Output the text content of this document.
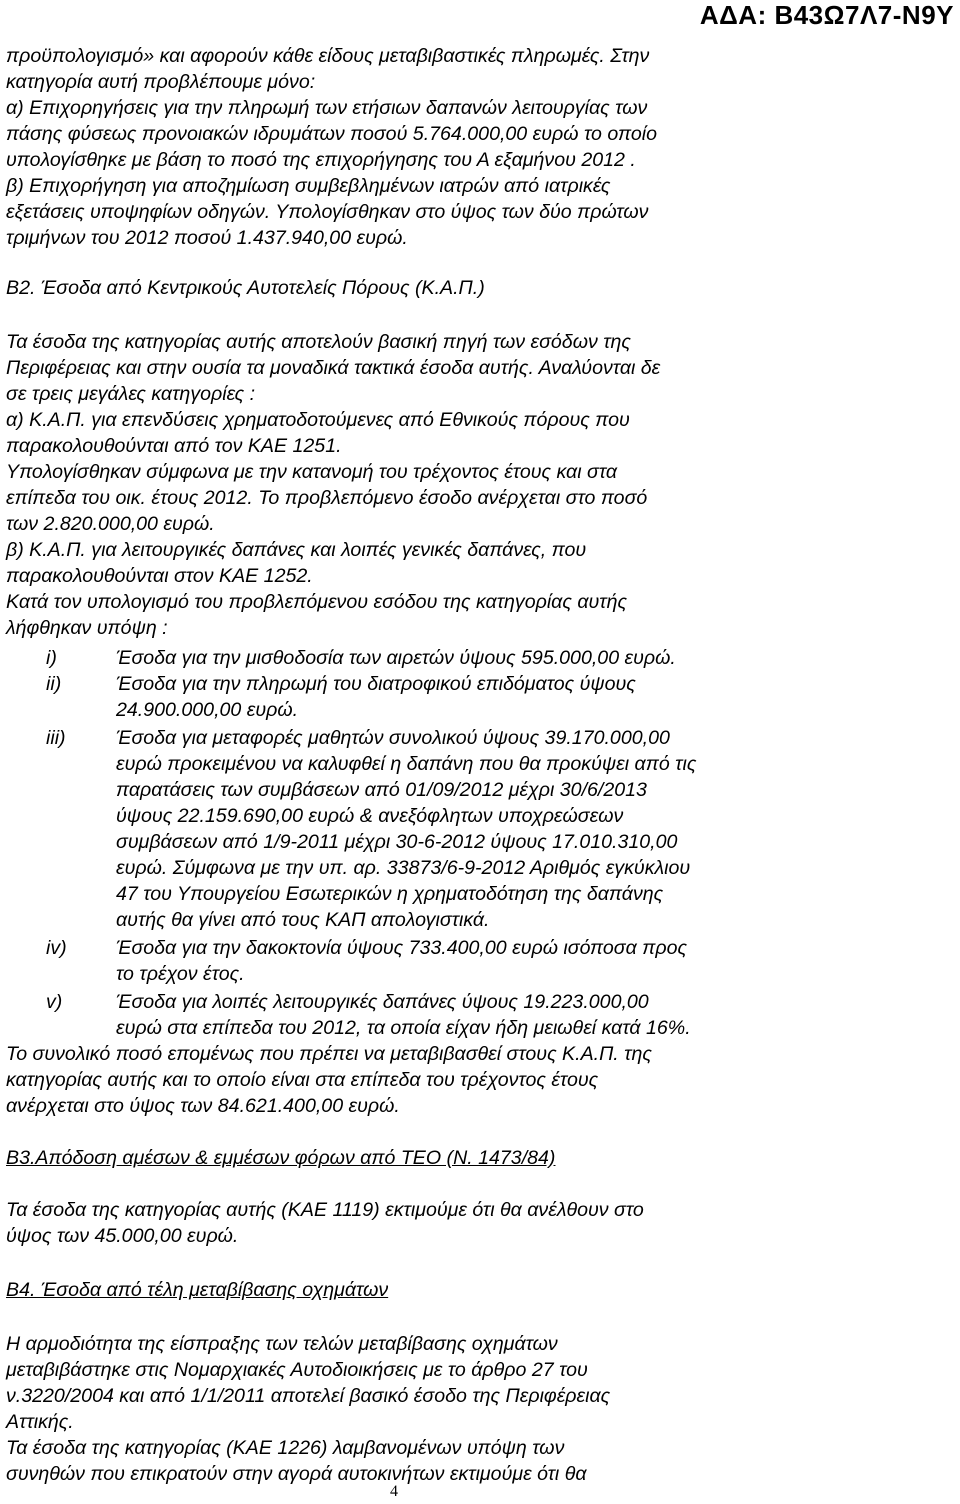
ΑΔΑ: Β43Ω7Λ7-Ν9Υ
προϋπολογισμό» και αφορούν κάθε είδους μεταβιβαστικές πληρωμές. Στην
κατηγορία αυτή προβλέπουμε μόνο:
α) Επιχορηγήσεις για την πληρωμή των ετήσιων δαπανών λειτουργίας των
πάσης φύσεως προνοιακών ιδρυμάτων ποσού 5.764.000,00 ευρώ το οποίο
υπολογίσθηκε με βάση το ποσό της επιχορήγησης του Α εξαμήνου 2012 .
β) Επιχορήγηση για αποζημίωση συμβεβλημένων ιατρών από ιατρικές
εξετάσεις υποψηφίων οδηγών. Υπολογίσθηκαν στο ύψος των δύο πρώτων
τριμήνων του 2012 ποσού 1.437.940,00 ευρώ.
Β2. Έσοδα από Κεντρικούς Αυτοτελείς Πόρους (Κ.Α.Π.)
Τα έσοδα της κατηγορίας αυτής αποτελούν βασική πηγή των εσόδων της
Περιφέρειας και στην ουσία τα μοναδικά τακτικά έσοδα αυτής. Αναλύονται δε
σε τρεις μεγάλες κατηγορίες :
α) Κ.Α.Π. για επενδύσεις χρηματοδοτούμενες από Εθνικούς πόρους που
παρακολουθούνται από τον ΚΑΕ 1251.
Υπολογίσθηκαν σύμφωνα με την κατανομή του τρέχοντος έτους και στα
επίπεδα του οικ. έτους 2012. Το προβλεπόμενο έσοδο ανέρχεται στο ποσό
των 2.820.000,00 ευρώ.
β) Κ.Α.Π. για λειτουργικές δαπάνες και λοιπές γενικές δαπάνες, που
παρακολουθούνται στον ΚΑΕ 1252.
Κατά τον υπολογισμό του προβλεπόμενου εσόδου της κατηγορίας αυτής
λήφθηκαν υπόψη :
i)	Έσοδα για την μισθοδοσία των αιρετών ύψους 595.000,00 ευρώ.
ii)	Έσοδα για την πληρωμή του διατροφικού επιδόματος ύψους
24.900.000,00 ευρώ.
iii)	Έσοδα για μεταφορές μαθητών συνολικού ύψους 39.170.000,00
ευρώ προκειμένου να καλυφθεί η δαπάνη που θα προκύψει από τις
παρατάσεις των συμβάσεων από 01/09/2012 μέχρι 30/6/2013
ύψους 22.159.690,00 ευρώ & ανεξόφλητων υποχρεώσεων
συμβάσεων από 1/9-2011 μέχρι 30-6-2012 ύψους 17.010.310,00
ευρώ. Σύμφωνα με την υπ. αρ. 33873/6-9-2012 Αριθμός εγκύκλιου
47 του Υπουργείου Εσωτερικών η χρηματοδότηση της δαπάνης
αυτής θα γίνει από τους ΚΑΠ απολογιστικά.
iv)	Έσοδα για την δακοκτονία ύψους 733.400,00 ευρώ ισόποσα προς
το τρέχον έτος.
v)	Έσοδα για λοιπές λειτουργικές δαπάνες ύψους 19.223.000,00
ευρώ στα επίπεδα του 2012, τα οποία είχαν ήδη μειωθεί κατά 16%.
Το συνολικό ποσό επομένως που πρέπει να μεταβιβασθεί στους Κ.Α.Π. της
κατηγορίας αυτής και το οποίο είναι στα επίπεδα του τρέχοντος έτους
ανέρχεται στο ύψος των 84.621.400,00 ευρώ.
Β3.Απόδοση αμέσων & εμμέσων φόρων από ΤΕΟ (Ν. 1473/84)
Τα έσοδα της κατηγορίας αυτής (ΚΑΕ 1119) εκτιμούμε ότι θα ανέλθουν στο
ύψος των 45.000,00 ευρώ.
Β4. Έσοδα από τέλη μεταβίβασης οχημάτων
Η αρμοδιότητα της είσπραξης των τελών μεταβίβασης οχημάτων
μεταβιβάστηκε στις Νομαρχιακές Αυτοδιοικήσεις με το άρθρο 27 του
ν.3220/2004 και από 1/1/2011 αποτελεί βασικό έσοδο της Περιφέρειας
Αττικής.
Τα έσοδα της κατηγορίας (ΚΑΕ 1226) λαμβανομένων υπόψη των
συνηθών που επικρατούν στην αγορά αυτοκινήτων εκτιμούμε ότι θα
4
